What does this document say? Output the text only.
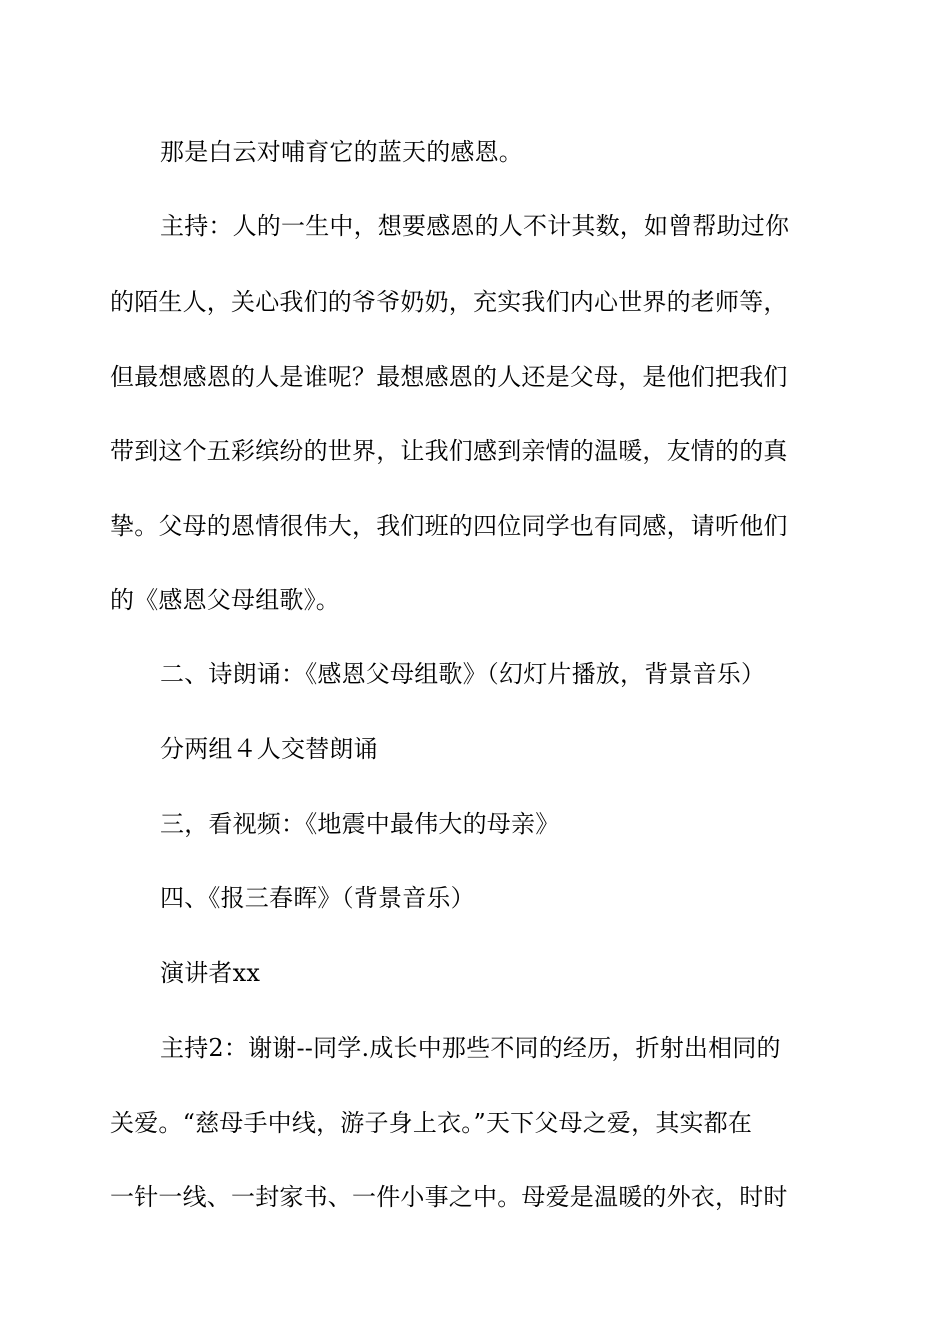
那是白云对哺育它的蓝天的感恩。
主持：人的一生中，想要感恩的人不计其数，如曾帮助过你
的陌生人，关心我们的爷爷奶奶，充实我们内心世界的老师等，
但最想感恩的人是谁呢？最想感恩的人还是父母，是他们把我们
带到这个五彩缤纷的世界，让我们感到亲情的温暖，友情的的真
挚。父母的恩情很伟大，我们班的四位同学也有同感，请听他们
的《感恩父母组歌》。
二、诗朗诵：《感恩父母组歌》（幻灯片播放，背景音乐）
分两组４人交替朗诵
三，看视频：《地震中最伟大的母亲》
四、《报三春晖》（背景音乐）
演讲者xx
主持2：谢谢--同学.成长中那些不同的经历，折射出相同的
关爱。“慈母手中线，游子身上衣。”天下父母之爱，其实都在
一针一线、一封家书、一件小事之中。母爱是温暖的外衣，时时
